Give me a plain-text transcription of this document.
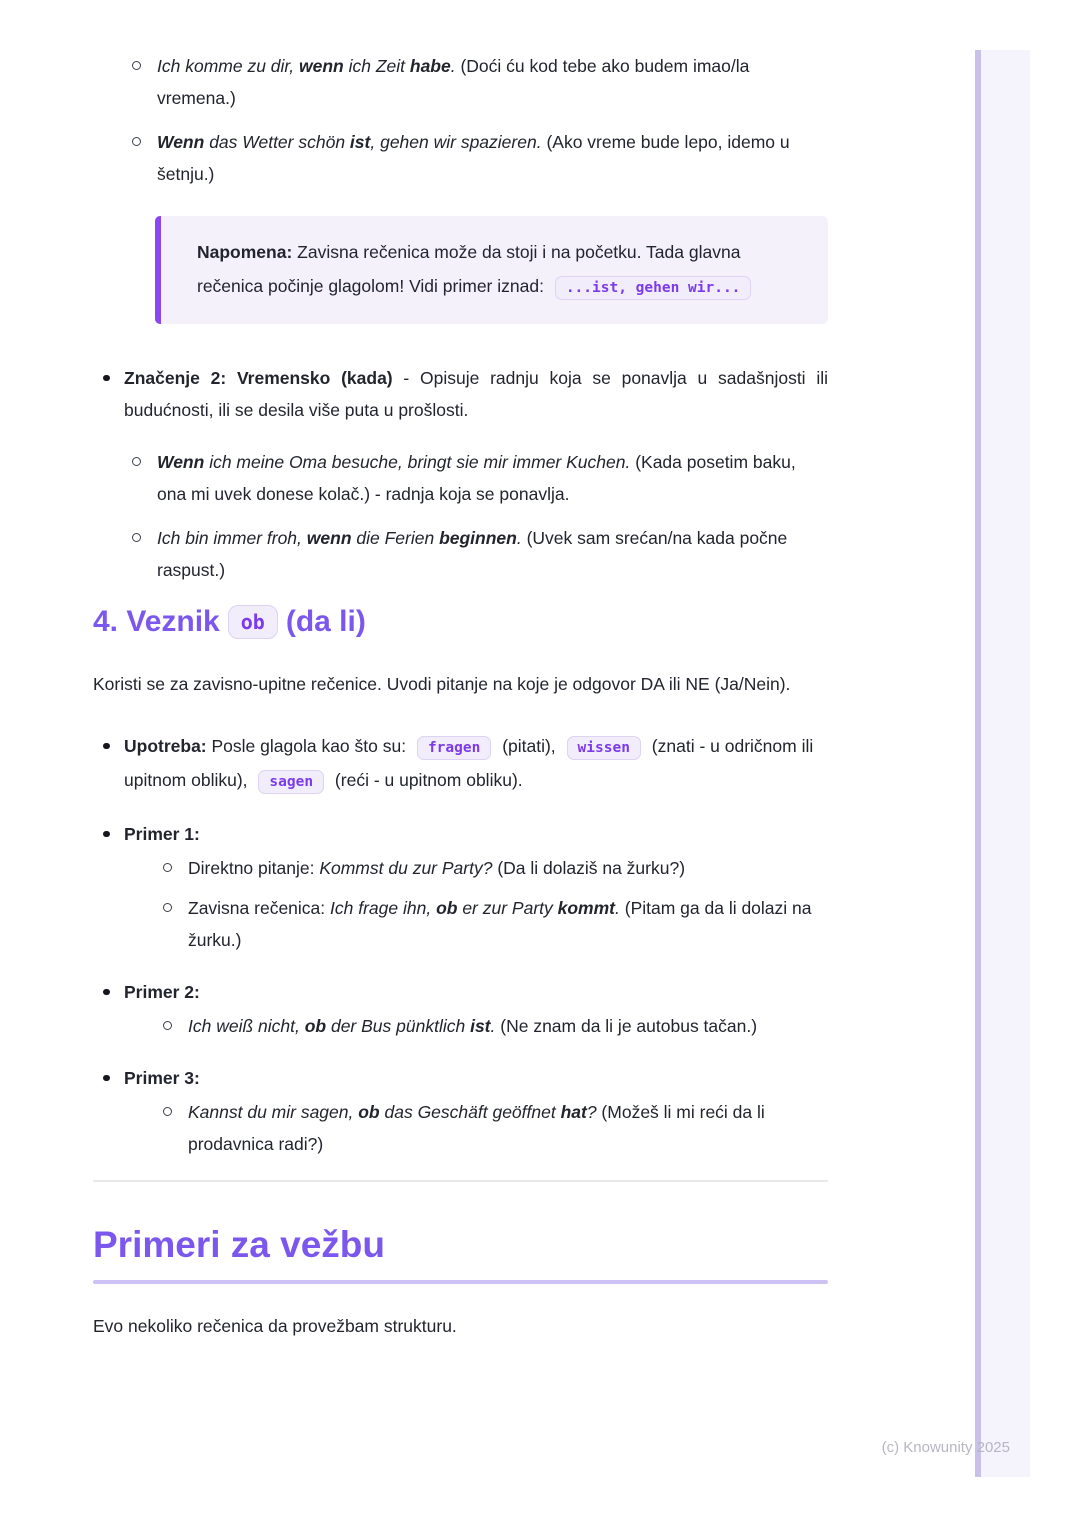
Ich komme zu dir, wenn ich Zeit habe. (Doći ću kod tebe ako budem imao/la vremena.)
Wenn das Wetter schön ist, gehen wir spazieren. (Ako vreme bude lepo, idemo u šetnju.)
Napomena: Zavisna rečenica može da stoji i na početku. Tada glavna rečenica počinje glagolom! Vidi primer iznad: ...ist, gehen wir...
Značenje 2: Vremensko (kada) - Opisuje radnju koja se ponavlja u sadašnjosti ili budućnosti, ili se desila više puta u prošlosti.
Wenn ich meine Oma besuche, bringt sie mir immer Kuchen. (Kada posetim baku, ona mi uvek donese kolač.) - radnja koja se ponavlja.
Ich bin immer froh, wenn die Ferien beginnen. (Uvek sam srećan/na kada počne raspust.)
4. Veznik ob (da li)

Koristi se za zavisno-upitne rečenice. Uvodi pitanje na koje je odgovor DA ili NE (Ja/Nein).

Upotreba: Posle glagola kao što su: fragen (pitati), wissen (znati - u odričnom ili upitnom obliku), sagen (reći - u upitnom obliku).
Primer 1:
Direktno pitanje: Kommst du zur Party? (Da li dolaziš na žurku?)
Zavisna rečenica: Ich frage ihn, ob er zur Party kommt. (Pitam ga da li dolazi na žurku.)
Primer 2:
Ich weiß nicht, ob der Bus pünktlich ist. (Ne znam da li je autobus tačan.)
Primer 3:
Kannst du mir sagen, ob das Geschäft geöffnet hat? (Možeš li mi reći da li prodavnica radi?)
Primeri za vežbu

Evo nekoliko rečenica da provežbam strukturu.

(c) Knowunity 2025
